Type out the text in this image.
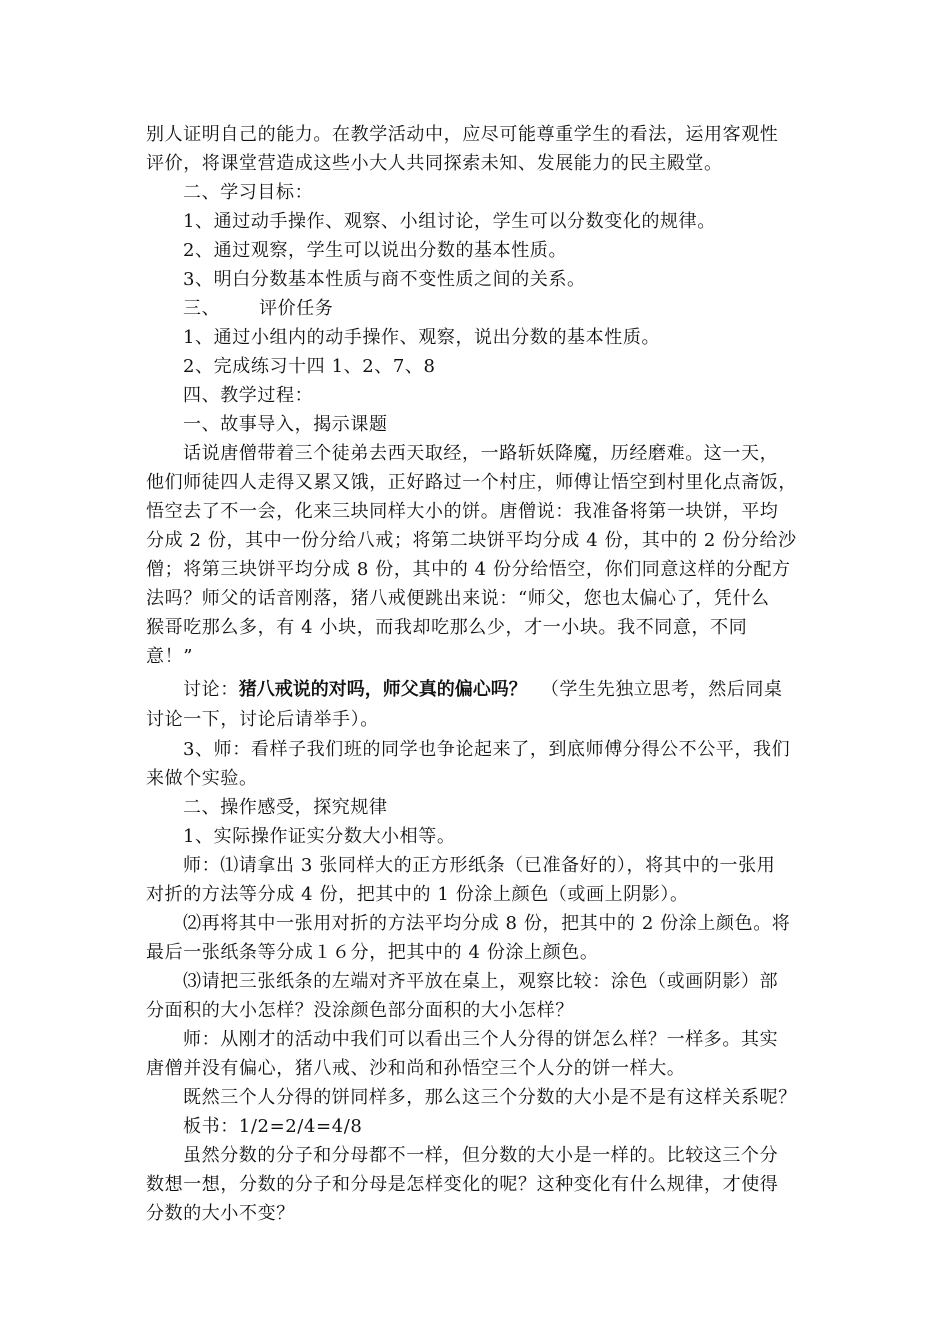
别人证明自己的能力。在教学活动中，应尽可能尊重学生的看法，运用客观性
评价，将课堂营造成这些小大人共同探索未知、发展能力的民主殿堂。
二、学习目标：
1、通过动手操作、观察、小组讨论，学生可以分数变化的规律。
2、通过观察，学生可以说出分数的基本性质。
3、明白分数基本性质与商不变性质之间的关系。
三、 评价任务
1、通过小组内的动手操作、观察，说出分数的基本性质。
2、完成练习十四 1、2、7、8
四、教学过程：
一、故事导入，揭示课题
话说唐僧带着三个徒弟去西天取经，一路斩妖降魔，历经磨难。这一天，
他们师徒四人走得又累又饿，正好路过一个村庄，师傅让悟空到村里化点斋饭，
悟空去了不一会，化来三块同样大小的饼。唐僧说：我准备将第一块饼，平均
分成 2 份，其中一份分给八戒；将第二块饼平均分成 4 份，其中的 2 份分给沙
僧；将第三块饼平均分成 8 份，其中的 4 份分给悟空，你们同意这样的分配方
法吗？师父的话音刚落，猪八戒便跳出来说：“师父，您也太偏心了，凭什么
猴哥吃那么多，有 4 小块，而我却吃那么少，才一小块。我不同意，不同
意！”
讨论：猪八戒说的对吗，师父真的偏心吗？ （学生先独立思考，然后同桌
讨论一下，讨论后请举手）。
3、师：看样子我们班的同学也争论起来了，到底师傅分得公不公平，我们
来做个实验。
二、操作感受，探究规律
1、实际操作证实分数大小相等。
师：⑴请拿出 3 张同样大的正方形纸条（已准备好的），将其中的一张用
对折的方法等分成 4 份，把其中的 1 份涂上颜色（或画上阴影）。
⑵再将其中一张用对折的方法平均分成 8 份，把其中的 2 份涂上颜色。将
最后一张纸条等分成１６分，把其中的 4 份涂上颜色。
⑶请把三张纸条的左端对齐平放在桌上，观察比较：涂色（或画阴影）部
分面积的大小怎样？没涂颜色部分面积的大小怎样？
师：从刚才的活动中我们可以看出三个人分得的饼怎么样？一样多。其实
唐僧并没有偏心，猪八戒、沙和尚和孙悟空三个人分的饼一样大。
既然三个人分得的饼同样多，那么这三个分数的大小是不是有这样关系呢？
板书：1/2=2/4=4/8
虽然分数的分子和分母都不一样，但分数的大小是一样的。比较这三个分
数想一想，分数的分子和分母是怎样变化的呢？这种变化有什么规律，才使得
分数的大小不变？
